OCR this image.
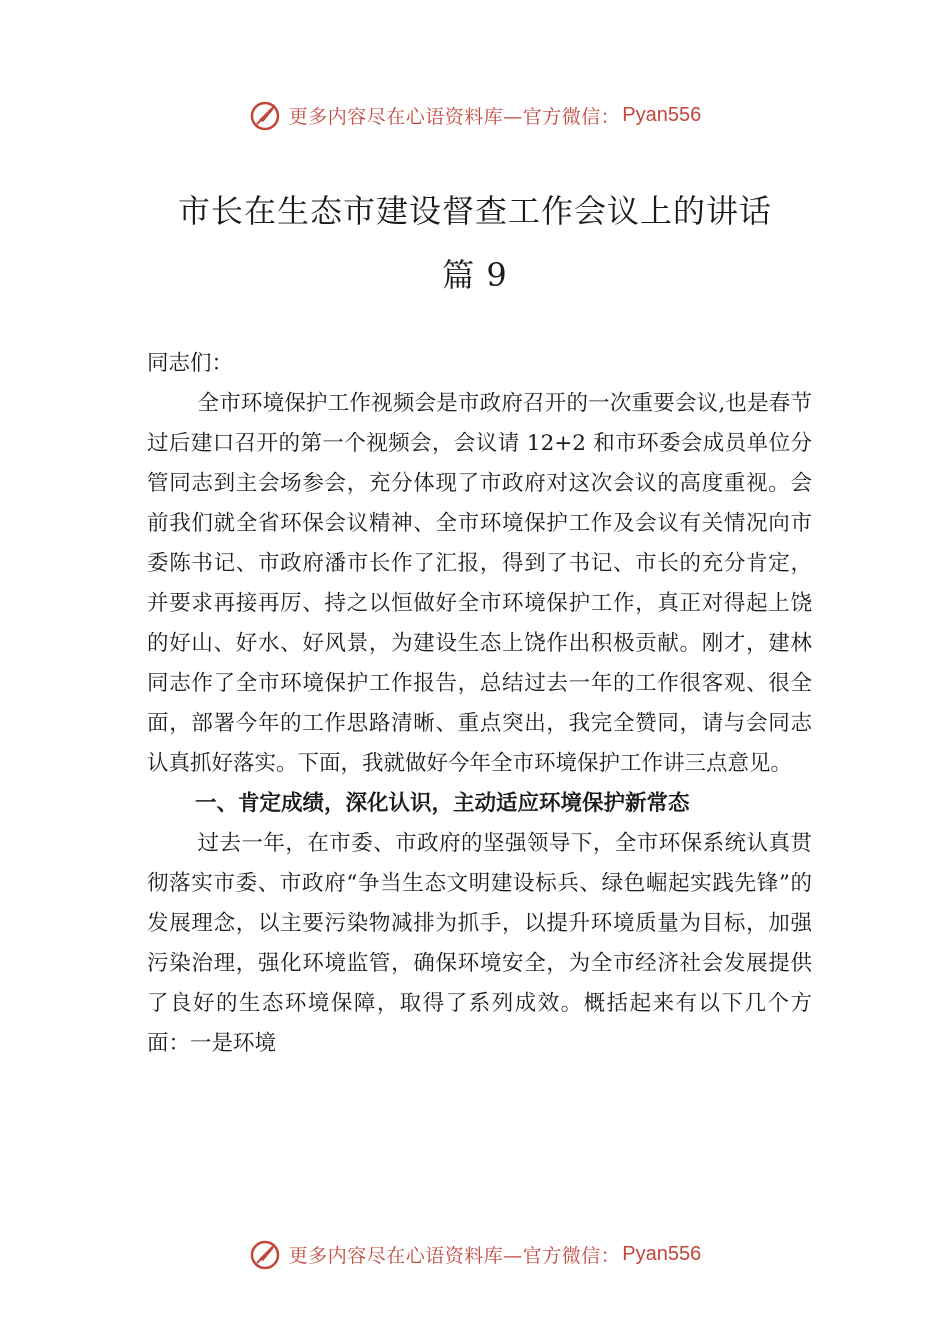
更多内容尽在心语资料库—官方微信： Pyan556
市长在生态市建设督查工作会议上的讲话
篇 9

同志们：

全市环境保护工作视频会是市政府召开的一次重要会议,也是春节过后建口召开的第一个视频会，会议请 12+2 和市环委会成员单位分管同志到主会场参会，充分体现了市政府对这次会议的高度重视。会前我们就全省环保会议精神、全市环境保护工作及会议有关情况向市委陈书记、市政府潘市长作了汇报，得到了书记、市长的充分肯定，并要求再接再厉、持之以恒做好全市环境保护工作，真正对得起上饶的好山、好水、好风景，为建设生态上饶作出积极贡献。刚才，建林同志作了全市环境保护工作报告，总结过去一年的工作很客观、很全面，部署今年的工作思路清晰、重点突出，我完全赞同，请与会同志认真抓好落实。下面，我就做好今年全市环境保护工作讲三点意见。

一、肯定成绩，深化认识，主动适应环境保护新常态

过去一年，在市委、市政府的坚强领导下，全市环保系统认真贯彻落实市委、市政府“争当生态文明建设标兵、绿色崛起实践先锋”的发展理念，以主要污染物减排为抓手，以提升环境质量为目标，加强污染治理，强化环境监管，确保环境安全，为全市经济社会发展提供了良好的生态环境保障，取得了系列成效。概括起来有以下几个方面：一是环境

更多内容尽在心语资料库—官方微信： Pyan556
